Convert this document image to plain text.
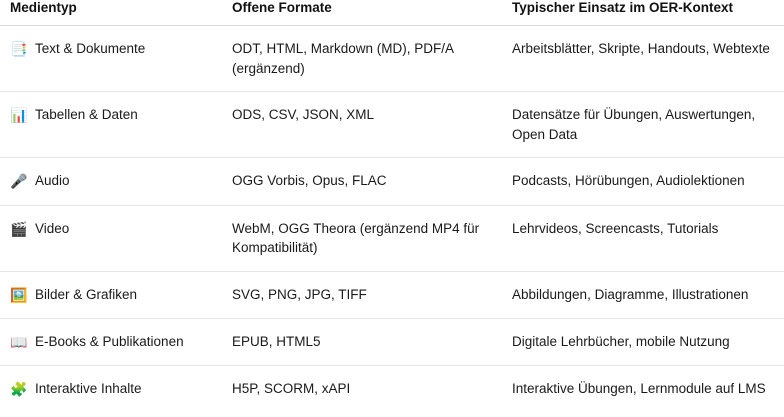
Medientyp	Offene Formate	Typischer Einsatz im OER-Kontext

📑 Text & Dokumente	ODT, HTML, Markdown (MD), PDF/A (ergänzend)	Arbeitsblätter, Skripte, Handouts, Webtexte

📊 Tabellen & Daten	ODS, CSV, JSON, XML	Datensätze für Übungen, Auswertungen, Open Data

🎤 Audio	OGG Vorbis, Opus, FLAC	Podcasts, Hörübungen, Audiolektionen

🎬 Video	WebM, OGG Theora (ergänzend MP4 für Kompatibilität)	Lehrvideos, Screencasts, Tutorials

🖼️ Bilder & Grafiken	SVG, PNG, JPG, TIFF	Abbildungen, Diagramme, Illustrationen

📖 E-Books & Publikationen	EPUB, HTML5	Digitale Lehrbücher, mobile Nutzung

🧩 Interaktive Inhalte	H5P, SCORM, xAPI	Interaktive Übungen, Lernmodule auf LMS
